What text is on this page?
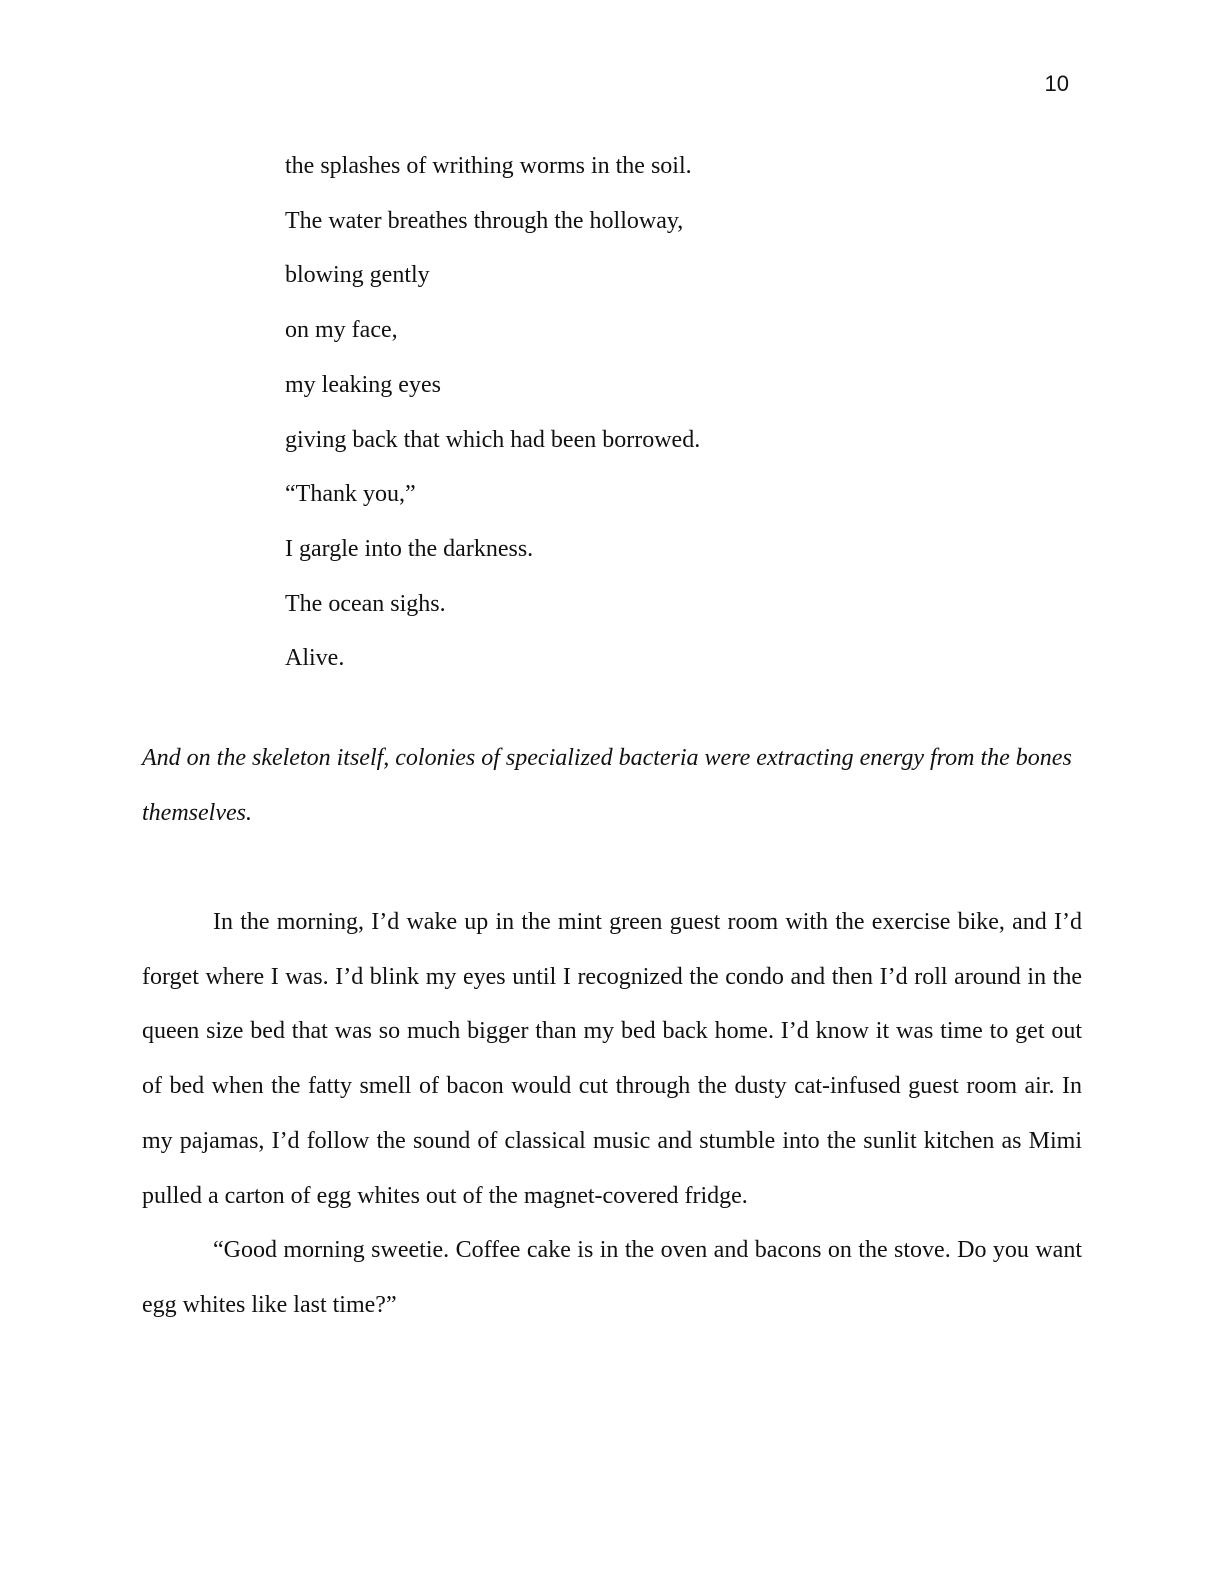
10
the splashes of writhing worms in the soil.
The water breathes through the holloway,
blowing gently
on my face,
my leaking eyes
giving back that which had been borrowed.
“Thank you,”
I gargle into the darkness.
The ocean sighs.
Alive.

And on the skeleton itself, colonies of specialized bacteria were extracting energy from the bones themselves.

In the morning, I’d wake up in the mint green guest room with the exercise bike, and I’d forget where I was. I’d blink my eyes until I recognized the condo and then I’d roll around in the queen size bed that was so much bigger than my bed back home. I’d know it was time to get out of bed when the fatty smell of bacon would cut through the dusty cat-infused guest room air. In my pajamas, I’d follow the sound of classical music and stumble into the sunlit kitchen as Mimi pulled a carton of egg whites out of the magnet-covered fridge.

“Good morning sweetie. Coffee cake is in the oven and bacons on the stove. Do you want egg whites like last time?”
